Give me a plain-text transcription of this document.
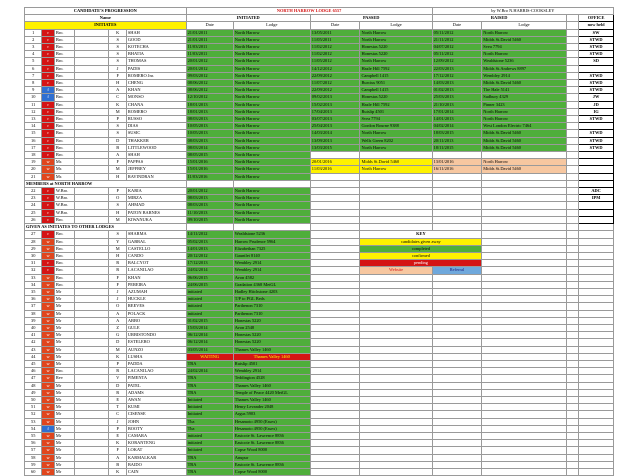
CANDIDATE'S PROGRESSION						NORTH HARROW LODGE 6557				by W.Bro N.HARRIS-COOKSLEY			
Name						INITIATED		PASSED		RAISED			OFFICE
INITIATES						Date	Lodge	Date	Lodge	Date	Lodge		now held
1	r	Bro.		K	SHAH	21/01/2011	North Harrow	13/05/2011	North Harrow	05/11/2012	North Harrow		SW
2	r	Bro.		S	GOOD	21/01/2011	North Harrow	11/05/2011	North Harrow	21/11/2012	Midds St.David 5460		STWD
3	r	Bro.		S	KOTECHA	11/03/2011	North Harrow	11/02/2012	Honestas 5220	04/07/2012	Svea 7794		STWD
4	r	Bro.		S	BHATIA	11/03/2011	North Harrow	11/02/2012	Honestas 5220	05/11/2012	North Harrow		STWD
5	r	Bro.		S	THOMAS	20/01/2012	North Harrow	11/05/2012	North Harrow	12/09/2012	Wealdstone 5236		SD
6	r	Bro.		J	PADIS	20/01/2012	North Harrow	14/12/2012	Hazle Hill 7592	22/03/2013	Midds St.Andrews 8897		
7	r	Bro.		F	ROMERO Jnr.	09/03/2012	North Harrow	22/09/2012	Campbell 1415	17/12/2012	Wembley 2914		STWD
8	r	Bro.		H	CHENG	08/06/2012	North Harrow	11/07/2012	Burcius 9051	14/03/2013	Midds St.David 5460		STWD
9	f	Bro.		A	KHAN	08/06/2012	North Harrow	22/09/2012	Campbell 1415	01/02/2013	The Hale 5141		STWD
10	f	Bro.		C	MONSO	12/10/2012	North Harrow	09/02/2013	Honestas 5220	25/03/2013	Sudbury 4329		JW
11	r	Bro.		K	CHANA	18/01/2013	North Harrow	15/02/2013	Hazle Hill 7592	21/10/2013	Pinner 3423		JD
12	r	Bro.		M	ROMERO	18/01/2013	North Harrow	17/04/2013	Ruislip 4501	17/01/2014	North Harrow		IG
13	r	Bro.		P	RUSSO	08/03/2013	North Harrow	03/07/2013	Svea 7794	14/01/2013	North Harrow		STWD
14	r	Bro.		S	DIAS	10/05/2013	North Harrow	25/04/2013	Gordon Bourne 9388	04/02/2014	West London Electric 7464		
15	r	Bro.		S	SUSIC	10/05/2013	North Harrow	14/03/2014	North Harrow	18/03/2015	Midds St.David 5460		STWD
16	r	Bro.		D	THAKKER	08/03/2013	North Harrow	13/09/2013	Wells Green 8202	20/11/2013	Midds St.David 5460		STWD
17	r	Bro.		B	LITTLEWOOD	08/03/2014	North Harrow	13/03/2015	North Harrow	18/11/2015	Midds St.David 5460		STWD
18	r	Bro.		A	SHAH	08/05/2015	North Harrow						
19	w	Mr.		F	PAPPAS	15/01/2016	North Harrow	20/01/2016	Midds St.David 5460	13/01/2016	North Harrow		
20	w	Mr.		M	JEFFREY	15/01/2016	North Harrow	11/03/2016	North Harrow	16/11/2016	Midds St.David 5460		
21	w	Mr.		H	RAVINDRAN	11/03/2016	North Harrow						
MEMBERS at NORTH HARROW													
22	r	W.Bro.		P	KARIA	20/01/2012	North Harrow						ADC
23	r	W.Bro.		O	MIRZA	08/03/2013	North Harrow						IPM
24	r	W.Bro.		S	AHMAD	08/03/2013	North Harrow						
25	r	W.Bro.		H	PATON BARNES	11/10/2013	North Harrow						
26	r	Bro.		M	KIWANUKA	09/10/2015	North Harrow						
GIVEN AS INITIATES TO OTHER LODGES													
27	r	Bro.		S	SHARMA	14/11/2012	Wealdstone 5236		KEY				
28	w	Bro.		Y	GABRAL	05/02/2013	Harrow Prudence 5964		candidates given away				
29	w	Bro.		M	CASTELLO	14/01/2013	Elizabethan 7325		completed				
30	w	Bro.		H	CANDO	20/12/2012	Gauntlet 8140		confirmed				
31	r	Bro.		R	BALCYOT	17/12/2013	Wembley 2914		pending				
32	r	Bro.		R	LACANILAO	24/02/2014	Wembley 2914		Website	Referral			
33	w	Bro.		F	KHAN	06/06/2015	Avon 4582						
34	w	Bro.		F	PEREIRA	24/06/2015	Gradation 4368 MetGL						
35	w	Mr		J	AZUMAH	initiated	Hadley Hitchstone 4203						
36	w	Mr		J	HUCKLE	initiated	T/P to PGL Beds						
37	w	Mr		O	REEVES	initiated	Parthenon 7310						
38	w	Mr		A	POLACK	initiated	Parthenon 7310						
39	w	Mr		A	ABBO	01/02/2015	Honestas 5220						
40	w	Mr		Z	GULE	15/03/2014	Avon 2548						
41	w	Mr		G	URBISTONDO	06/12/2014	Honestas 5220						
42	w	Mr		D	ESTELERO	06/12/2014	Honestas 5220						
43	w	Mr		M	AUNZO	03/05/2014	Thames Valley 1460						
44	w	Mr		K	LUSHA	WAITING	Thames Valley 1460						
45	w	Mr		P	PADDA	TBA	Ruislip 4501						
46	w	Bro.		R	LACANILAO	24/02/2014	Wembley 2914						
47	w	Rev		V	PIMENTA	TBA	Teddington 4528						
48	w	Mr		D	PATEL	TBA	Thames Valley 1460						
49	w	Mr		R	ADAMS	TBA	Temple of Peace 4420 MetGL						
50	w	Mr		E	AWAN	Initiated	Thames Valley 1460						
51	w	Mr		T	KUMI	Initiated	Henry Levander 2048						
52	w	Mr		C	CISENSE	Initiated	Argus 5903						
53	w	Mr		J	JOHN	Tba	Hesamoto 4950 (Essex)						
54	f	Mr		P	BOOTY	Tba	Hesamoto 4950 (Essex)						
55	w	Mr		E	CAMARA	initiated	Eastcote St. Lawrence 8836						
56	w	Mr		K	KORANTENG	initiated	Eastcote St. Lawrence 8836						
57	w	Mr		F	LOKAT	Initiated	Copse Wood 8000						
58	w	Mr		A	KARMALKAR	TBA	Anupur						
59	w	Mr		B	BAIDO	TBA	Eastcote St. Lawrence 8836						
60	w	Mr		K	CAIN	TBA	Copse Wood 8000						
